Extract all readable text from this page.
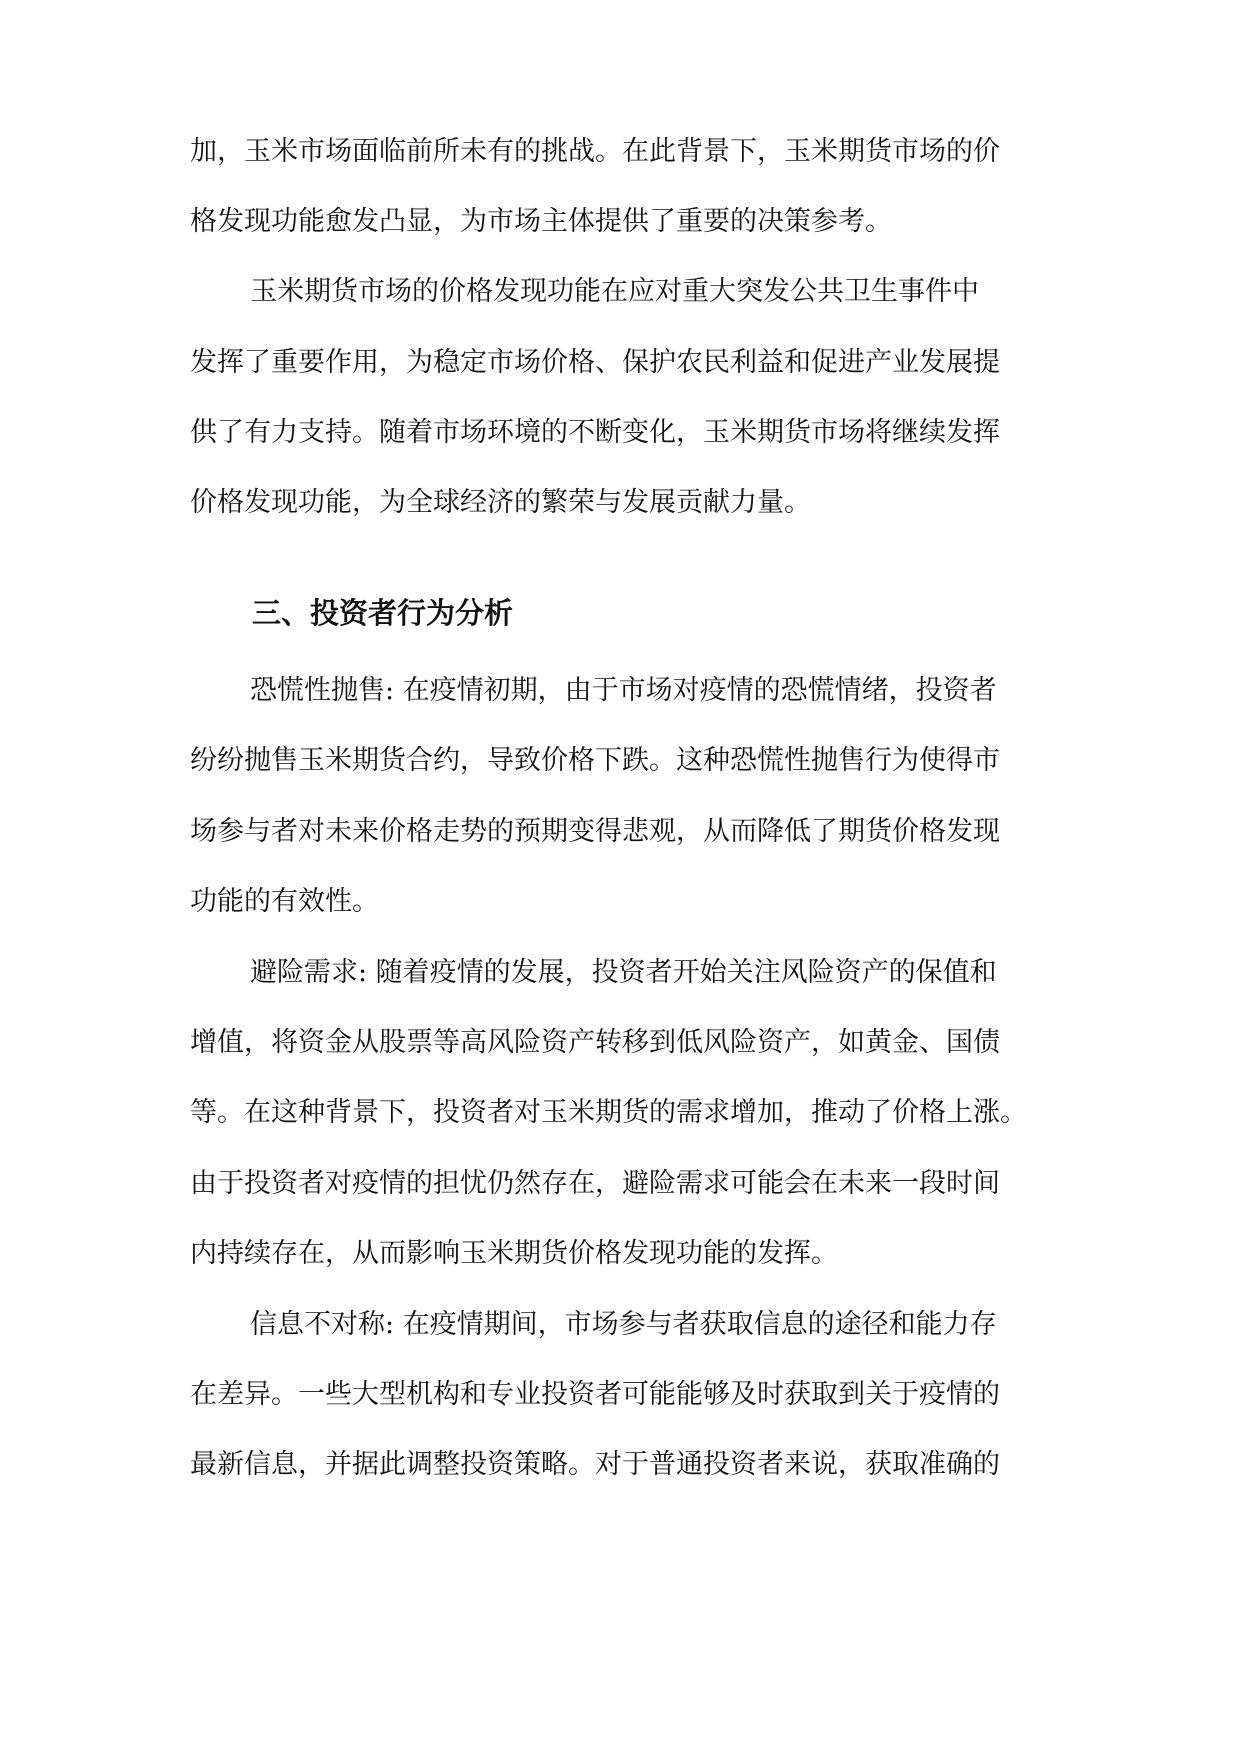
加，玉米市场面临前所未有的挑战。在此背景下，玉米期货市场的价
格发现功能愈发凸显，为市场主体提供了重要的决策参考。
玉米期货市场的价格发现功能在应对重大突发公共卫生事件中
发挥了重要作用，为稳定市场价格、保护农民利益和促进产业发展提
供了有力支持。随着市场环境的不断变化，玉米期货市场将继续发挥
价格发现功能，为全球经济的繁荣与发展贡献力量。
三、投资者行为分析
恐慌性抛售: 在疫情初期，由于市场对疫情的恐慌情绪，投资者
纷纷抛售玉米期货合约，导致价格下跌。这种恐慌性抛售行为使得市
场参与者对未来价格走势的预期变得悲观，从而降低了期货价格发现
功能的有效性。
避险需求: 随着疫情的发展，投资者开始关注风险资产的保值和
增值，将资金从股票等高风险资产转移到低风险资产，如黄金、国债
等。在这种背景下，投资者对玉米期货的需求增加，推动了价格上涨。
由于投资者对疫情的担忧仍然存在，避险需求可能会在未来一段时间
内持续存在，从而影响玉米期货价格发现功能的发挥。
信息不对称: 在疫情期间，市场参与者获取信息的途径和能力存
在差异。一些大型机构和专业投资者可能能够及时获取到关于疫情的
最新信息，并据此调整投资策略。对于普通投资者来说，获取准确的
